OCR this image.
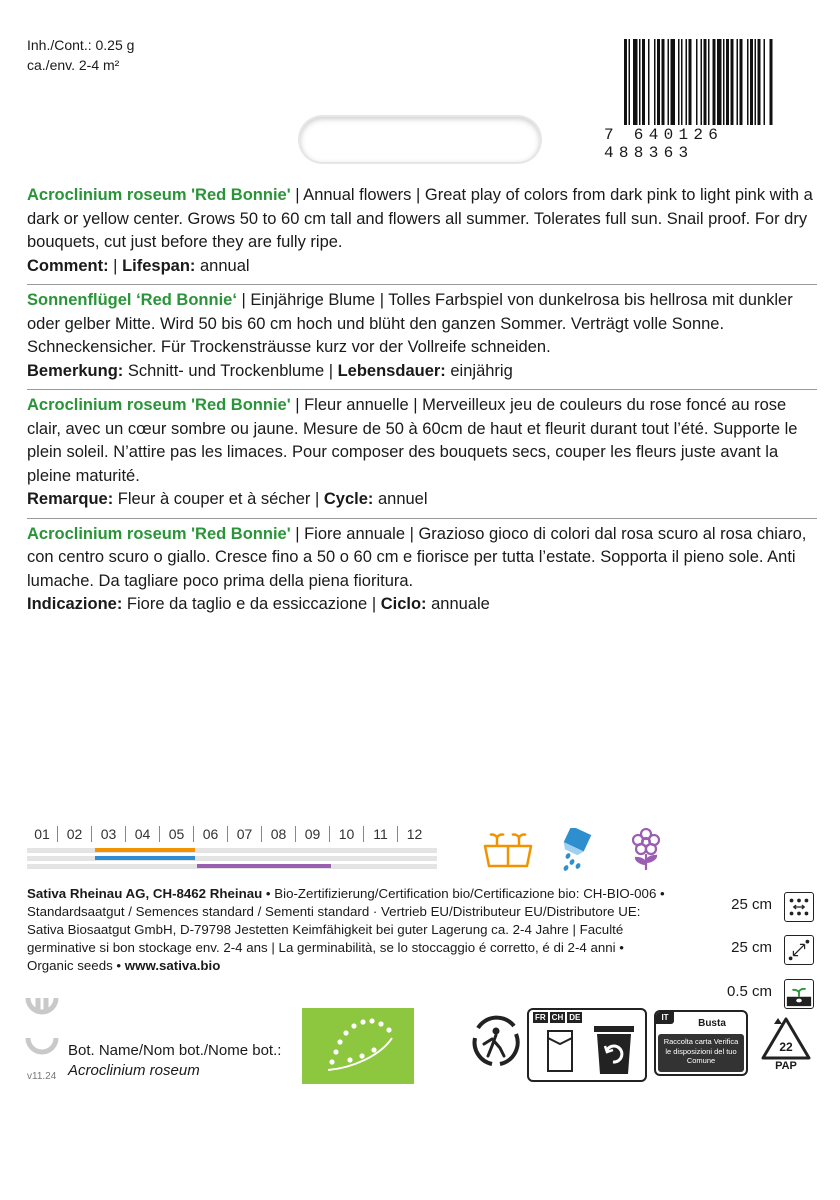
Inh./Cont.: 0.25 g
ca./env. 2-4 m²
7 640126 488363
Acroclinium roseum 'Red Bonnie' | Annual flowers | Great play of colors from dark pink to light pink with a dark or yellow center. Grows 50 to 60 cm tall and flowers all summer. Tolerates full sun. Snail proof. For dry bouquets, cut just before they are fully ripe.
Comment: | Lifespan: annual
Sonnenflügel ‘Red Bonnie‘ | Einjährige Blume | Tolles Farbspiel von dunkelrosa bis hellrosa mit dunkler oder gelber Mitte. Wird 50 bis 60 cm hoch und blüht den ganzen Sommer. Verträgt volle Sonne. Schneckensicher. Für Trockensträusse kurz vor der Vollreife schneiden.
Bemerkung: Schnitt- und Trockenblume | Lebensdauer: einjährig
Acroclinium roseum 'Red Bonnie' | Fleur annuelle | Merveilleux jeu de couleurs du rose foncé au rose clair, avec un cœur sombre ou jaune. Mesure de 50 à 60cm de haut et fleurit durant tout l’été. Supporte le plein soleil. N’attire pas les limaces. Pour composer des bouquets secs, couper les fleurs juste avant la pleine maturité.
Remarque: Fleur à couper et à sécher | Cycle: annuel
Acroclinium roseum 'Red Bonnie' | Fiore annuale | Grazioso gioco di colori dal rosa scuro al rosa chiaro, con centro scuro o giallo. Cresce fino a 50 o 60 cm e fiorisce per tutta l’estate. Sopporta il pieno sole. Anti lumache. Da tagliare poco prima della piena fioritura.
Indicazione: Fiore da taglio e da essiccazione | Ciclo: annuale
01	02	03	04	05	06	07	08	09	10	11	12
Sativa Rheinau AG, CH-8462 Rheinau • Bio-Zertifizierung/Certification bio/Certificazione bio: CH-BIO-006 • Standardsaatgut / Semences standard / Sementi standard · Vertrieb EU/Distributeur EU/Distributore UE: Sativa Biosaatgut GmbH, D-79798 Jestetten Keimfähigkeit bei guter Lagerung ca. 2-4 Jahre | Faculté germinative si bon stockage env. 2-4 ans | La germinabilità, se lo stoccaggio é corretto, é di 2-4 anni • Organic seeds • www.sativa.bio
25 cm
25 cm
0.5 cm
Bot. Name/Nom bot./Nome bot.:
Acroclinium roseum
v11.24
FR CH DE	IT
Busta
Raccolta carta Verifica le disposizioni del tuo Comune
22
PAP
